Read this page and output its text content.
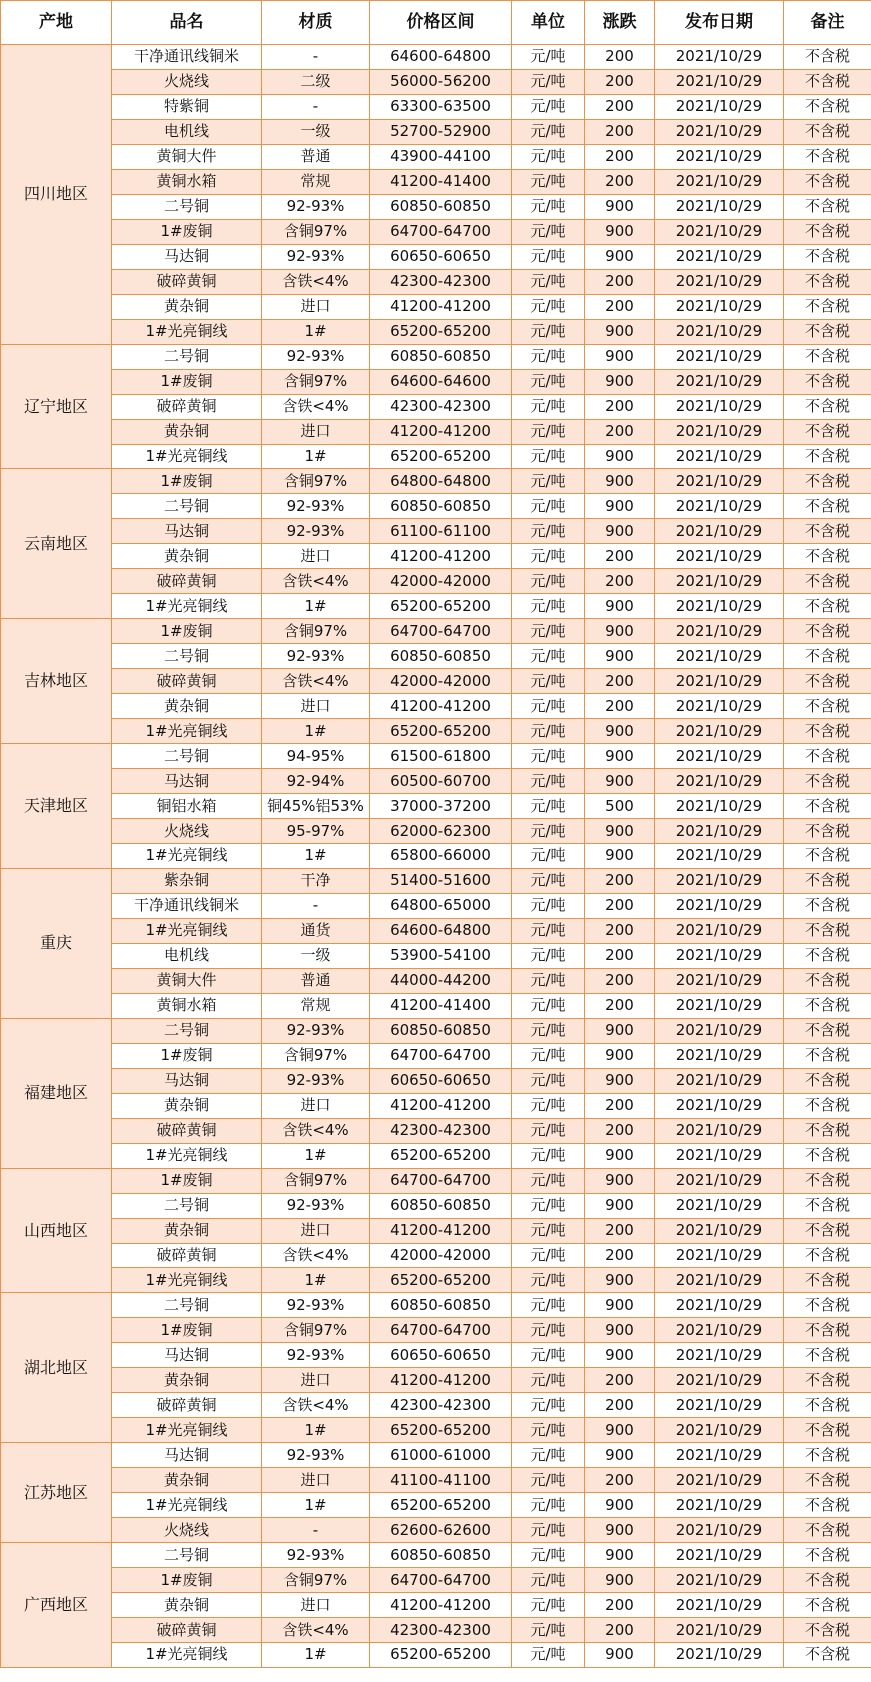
产地	品名	材质	价格区间	单位	涨跌	发布日期	备注
四川地区	干净通讯线铜米	-	64600-64800	元/吨	200	2021/10/29	不含税
	火烧线	二级	56000-56200	元/吨	200	2021/10/29	不含税
	特紫铜	-	63300-63500	元/吨	200	2021/10/29	不含税
	电机线	一级	52700-52900	元/吨	200	2021/10/29	不含税
	黄铜大件	普通	43900-44100	元/吨	200	2021/10/29	不含税
	黄铜水箱	常规	41200-41400	元/吨	200	2021/10/29	不含税
	二号铜	92-93%	60850-60850	元/吨	900	2021/10/29	不含税
	1#废铜	含铜97%	64700-64700	元/吨	900	2021/10/29	不含税
	马达铜	92-93%	60650-60650	元/吨	900	2021/10/29	不含税
	破碎黄铜	含铁<4%	42300-42300	元/吨	200	2021/10/29	不含税
	黄杂铜	进口	41200-41200	元/吨	200	2021/10/29	不含税
	1#光亮铜线	1#	65200-65200	元/吨	900	2021/10/29	不含税
辽宁地区	二号铜	92-93%	60850-60850	元/吨	900	2021/10/29	不含税
	1#废铜	含铜97%	64600-64600	元/吨	900	2021/10/29	不含税
	破碎黄铜	含铁<4%	42300-42300	元/吨	200	2021/10/29	不含税
	黄杂铜	进口	41200-41200	元/吨	200	2021/10/29	不含税
	1#光亮铜线	1#	65200-65200	元/吨	900	2021/10/29	不含税
云南地区	1#废铜	含铜97%	64800-64800	元/吨	900	2021/10/29	不含税
	二号铜	92-93%	60850-60850	元/吨	900	2021/10/29	不含税
	马达铜	92-93%	61100-61100	元/吨	900	2021/10/29	不含税
	黄杂铜	进口	41200-41200	元/吨	200	2021/10/29	不含税
	破碎黄铜	含铁<4%	42000-42000	元/吨	200	2021/10/29	不含税
	1#光亮铜线	1#	65200-65200	元/吨	900	2021/10/29	不含税
吉林地区	1#废铜	含铜97%	64700-64700	元/吨	900	2021/10/29	不含税
	二号铜	92-93%	60850-60850	元/吨	900	2021/10/29	不含税
	破碎黄铜	含铁<4%	42000-42000	元/吨	200	2021/10/29	不含税
	黄杂铜	进口	41200-41200	元/吨	200	2021/10/29	不含税
	1#光亮铜线	1#	65200-65200	元/吨	900	2021/10/29	不含税
天津地区	二号铜	94-95%	61500-61800	元/吨	900	2021/10/29	不含税
	马达铜	92-94%	60500-60700	元/吨	900	2021/10/29	不含税
	铜铝水箱	铜45%铝53%	37000-37200	元/吨	500	2021/10/29	不含税
	火烧线	95-97%	62000-62300	元/吨	900	2021/10/29	不含税
	1#光亮铜线	1#	65800-66000	元/吨	900	2021/10/29	不含税
重庆	紫杂铜	干净	51400-51600	元/吨	200	2021/10/29	不含税
	干净通讯线铜米	-	64800-65000	元/吨	200	2021/10/29	不含税
	1#光亮铜线	通货	64600-64800	元/吨	200	2021/10/29	不含税
	电机线	一级	53900-54100	元/吨	200	2021/10/29	不含税
	黄铜大件	普通	44000-44200	元/吨	200	2021/10/29	不含税
	黄铜水箱	常规	41200-41400	元/吨	200	2021/10/29	不含税
福建地区	二号铜	92-93%	60850-60850	元/吨	900	2021/10/29	不含税
	1#废铜	含铜97%	64700-64700	元/吨	900	2021/10/29	不含税
	马达铜	92-93%	60650-60650	元/吨	900	2021/10/29	不含税
	黄杂铜	进口	41200-41200	元/吨	200	2021/10/29	不含税
	破碎黄铜	含铁<4%	42300-42300	元/吨	200	2021/10/29	不含税
	1#光亮铜线	1#	65200-65200	元/吨	900	2021/10/29	不含税
山西地区	1#废铜	含铜97%	64700-64700	元/吨	900	2021/10/29	不含税
	二号铜	92-93%	60850-60850	元/吨	900	2021/10/29	不含税
	黄杂铜	进口	41200-41200	元/吨	200	2021/10/29	不含税
	破碎黄铜	含铁<4%	42000-42000	元/吨	200	2021/10/29	不含税
	1#光亮铜线	1#	65200-65200	元/吨	900	2021/10/29	不含税
湖北地区	二号铜	92-93%	60850-60850	元/吨	900	2021/10/29	不含税
	1#废铜	含铜97%	64700-64700	元/吨	900	2021/10/29	不含税
	马达铜	92-93%	60650-60650	元/吨	900	2021/10/29	不含税
	黄杂铜	进口	41200-41200	元/吨	200	2021/10/29	不含税
	破碎黄铜	含铁<4%	42300-42300	元/吨	200	2021/10/29	不含税
	1#光亮铜线	1#	65200-65200	元/吨	900	2021/10/29	不含税
江苏地区	马达铜	92-93%	61000-61000	元/吨	900	2021/10/29	不含税
	黄杂铜	进口	41100-41100	元/吨	200	2021/10/29	不含税
	1#光亮铜线	1#	65200-65200	元/吨	900	2021/10/29	不含税
	火烧线	-	62600-62600	元/吨	900	2021/10/29	不含税
广西地区	二号铜	92-93%	60850-60850	元/吨	900	2021/10/29	不含税
	1#废铜	含铜97%	64700-64700	元/吨	900	2021/10/29	不含税
	黄杂铜	进口	41200-41200	元/吨	200	2021/10/29	不含税
	破碎黄铜	含铁<4%	42300-42300	元/吨	200	2021/10/29	不含税
	1#光亮铜线	1#	65200-65200	元/吨	900	2021/10/29	不含税
